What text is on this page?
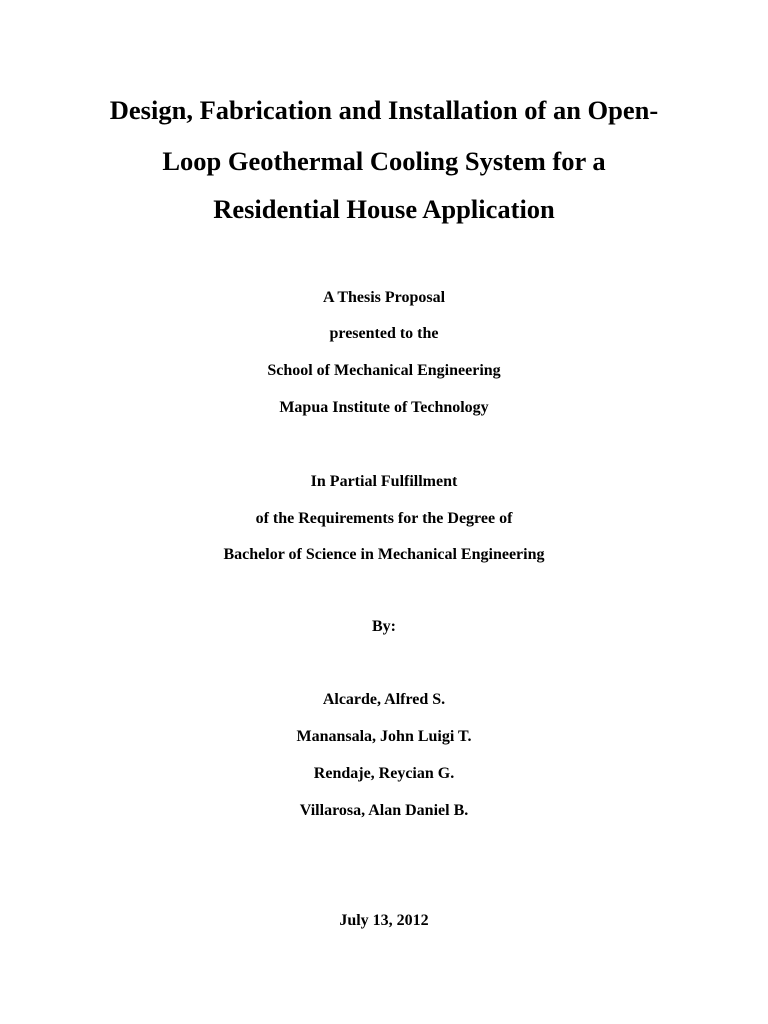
Design, Fabrication and Installation of an Open-
Loop Geothermal Cooling System for a
Residential House Application
A Thesis Proposal
presented to the
School of Mechanical Engineering
Mapua Institute of Technology
In Partial Fulfillment
of the Requirements for the Degree of
Bachelor of Science in Mechanical Engineering
By:
Alcarde, Alfred S.
Manansala, John Luigi T.
Rendaje, Reycian G.
Villarosa, Alan Daniel B.
July 13, 2012
